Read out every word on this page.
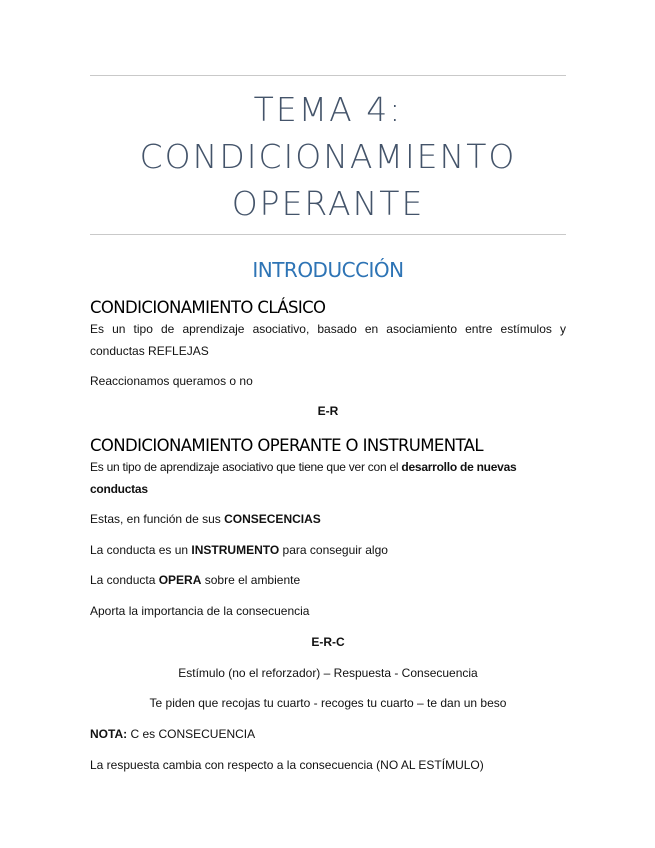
TEMA 4:
CONDICIONAMIENTO
OPERANTE
INTRODUCCIÓN
CONDICIONAMIENTO CLÁSICO
Es un tipo de aprendizaje asociativo, basado en asociamiento entre estímulos y
conductas REFLEJAS
Reaccionamos queramos o no
E-R
CONDICIONAMIENTO OPERANTE O INSTRUMENTAL
Es un tipo de aprendizaje asociativo que tiene que ver con el desarrollo de nuevas conductas
Estas, en función de sus CONSECENCIAS
La conducta es un INSTRUMENTO para conseguir algo
La conducta OPERA sobre el ambiente
Aporta la importancia de la consecuencia
E-R-C
Estímulo (no el reforzador) – Respuesta - Consecuencia
Te piden que recojas tu cuarto - recoges tu cuarto – te dan un beso
NOTA: C es CONSECUENCIA
La respuesta cambia con respecto a la consecuencia (NO AL ESTÍMULO)
